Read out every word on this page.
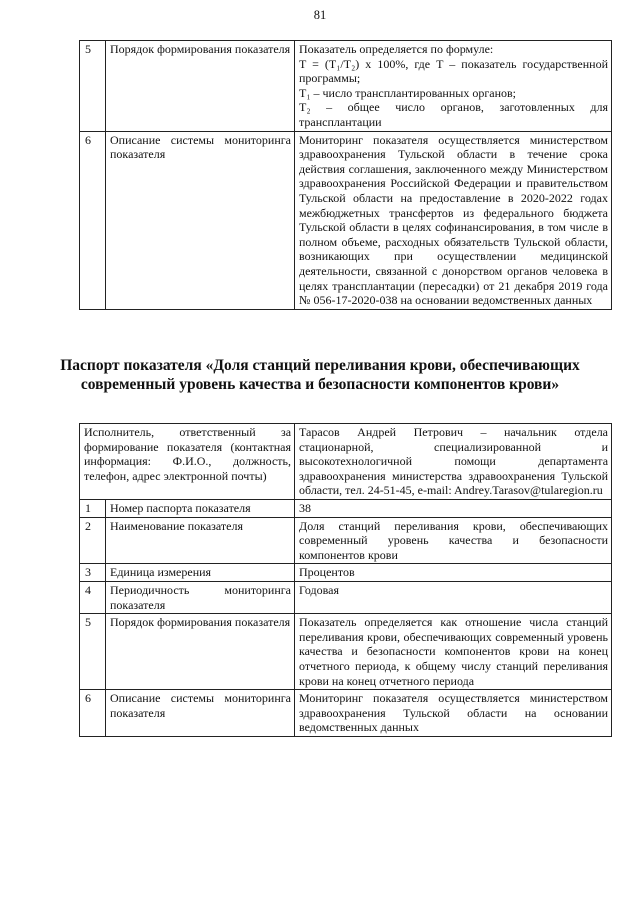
81
5	Порядок формирования показателя	Показатель определяется по формуле:
T = (T₁/T₂) x 100%, где T – показатель государственной программы;
T₁ – число трансплантированных органов;
T₂ – общее число органов, заготовленных для трансплантации

6	Описание системы мониторинга показателя	Мониторинг показателя осуществляется министерством здравоохранения Тульской области в течение срока действия соглашения, заключенного между Министерством здравоохранения Российской Федерации и правительством Тульской области на предоставление в 2020-2022 годах межбюджетных трансфертов из федерального бюджета Тульской области в целях софинансирования, в том числе в полном объеме, расходных обязательств Тульской области, возникающих при осуществлении медицинской деятельности, связанной с донорством органов человека в целях трансплантации (пересадки) от 21 декабря 2019 года № 056-17-2020-038 на основании ведомственных данных
Паспорт показателя «Доля станций переливания крови, обеспечивающих современный уровень качества и безопасности компонентов крови»
Исполнитель, ответственный за формирование показателя (контактная информация: Ф.И.О., должность, телефон, адрес электронной почты)		Тарасов Андрей Петрович – начальник отдела стационарной, специализированной и высокотехнологичной помощи департамента здравоохранения министерства здравоохранения Тульской области, тел. 24-51-45, e-mail: Andrey.Tarasov@tularegion.ru
1	Номер паспорта показателя	38
2	Наименование показателя	Доля станций переливания крови, обеспечивающих современный уровень качества и безопасности компонентов крови
3	Единица измерения	Процентов
4	Периодичность мониторинга показателя	Годовая
5	Порядок формирования показателя	Показатель определяется как отношение числа станций переливания крови, обеспечивающих современный уровень качества и безопасности компонентов крови на конец отчетного периода, к общему числу станций переливания крови на конец отчетного периода
6	Описание системы мониторинга показателя	Мониторинг показателя осуществляется министерством здравоохранения Тульской области на основании ведомственных данных
